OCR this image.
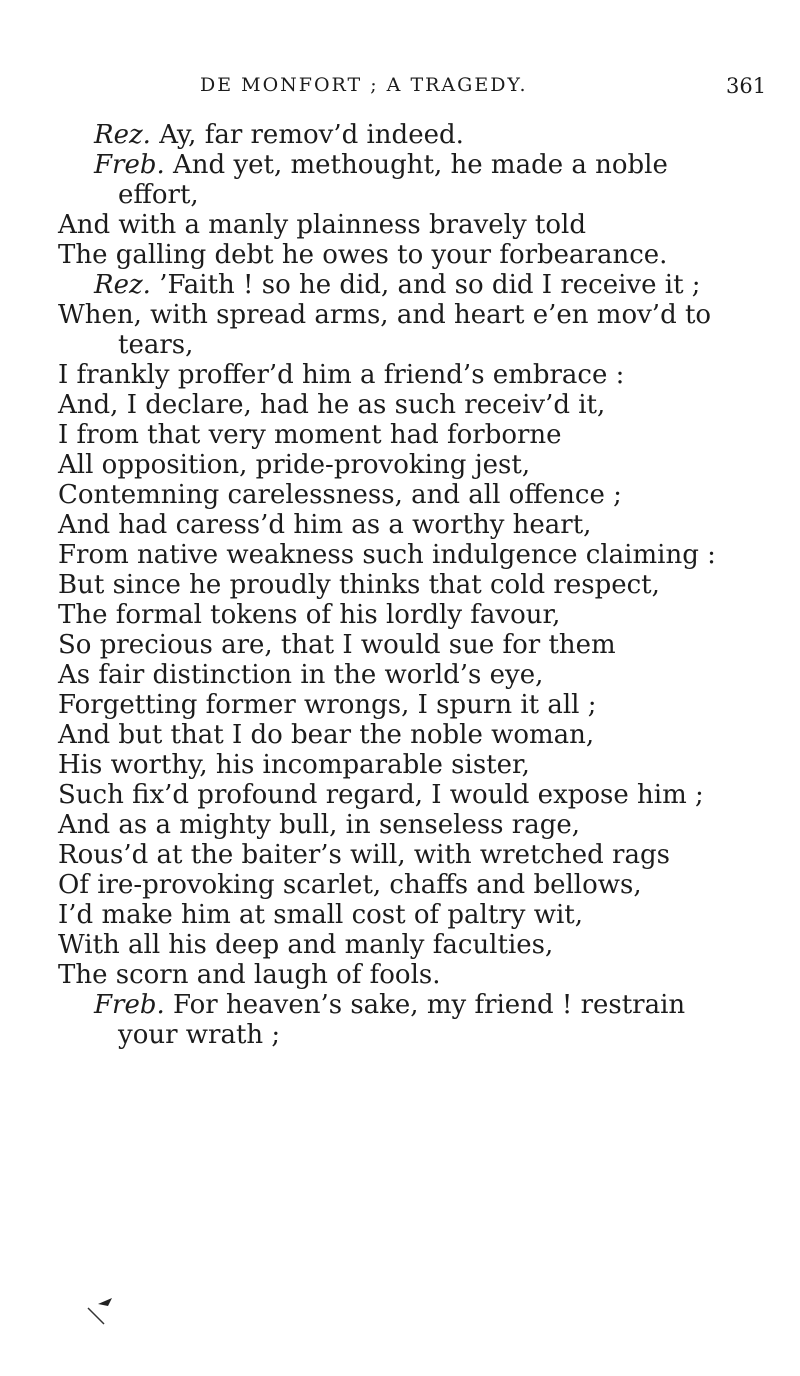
DE MONFORT ; A TRAGEDY.	361
Rez. Ay, far remov’d indeed.
Freb. And yet, methought, he made a noble
effort,
And with a manly plainness bravely told
The galling debt he owes to your forbearance.
Rez. ’Faith ! so he did, and so did I receive it ;
When, with spread arms, and heart e’en mov’d to
tears,
I frankly proffer’d him a friend’s embrace :
And, I declare, had he as such receiv’d it,
I from that very moment had forborne
All opposition, pride-provoking jest,
Contemning carelessness, and all offence ;
And had caress’d him as a worthy heart,
From native weakness such indulgence claiming :
But since he proudly thinks that cold respect,
The formal tokens of his lordly favour,
So precious are, that I would sue for them
As fair distinction in the world’s eye,
Forgetting former wrongs, I spurn it all ;
And but that I do bear the noble woman,
His worthy, his incomparable sister,
Such fix’d profound regard, I would expose him ;
And as a mighty bull, in senseless rage,
Rous’d at the baiter’s will, with wretched rags
Of ire-provoking scarlet, chaffs and bellows,
I’d make him at small cost of paltry wit,
With all his deep and manly faculties,
The scorn and laugh of fools.
Freb. For heaven’s sake, my friend ! restrain
your wrath ;
